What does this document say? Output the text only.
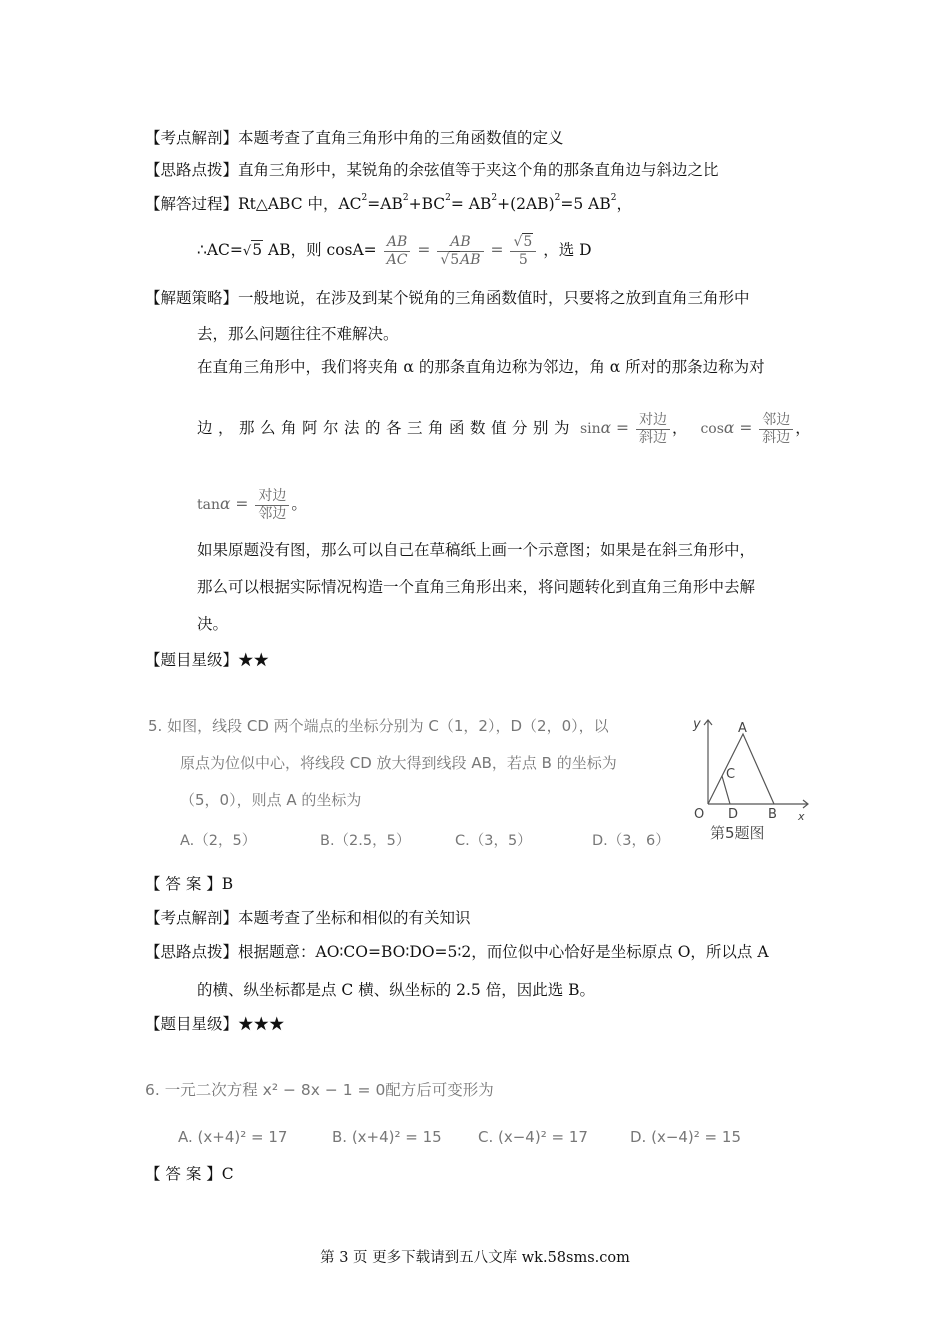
【考点解剖】本题考查了直角三角形中角的三角函数值的定义
【思路点拨】直角三角形中，某锐角的余弦值等于夹这个角的那条直角边与斜边之比
【解答过程】Rt△ABC 中，$AC^2=AB^2+BC^2= AB^2+(2AB)^2=5$ $AB^2$，
∴AC=√5 AB，则 $\cos A= \frac{AB}{AC} = \frac{AB}{√5AB} = \frac{√5}{5}$ ，选 D
【解题策略】一般地说，在涉及到某个锐角的三角函数值时，只要将之放到直角三角形中
去，那么问题往往不难解决。
在直角三角形中，我们将夹角 α 的那条直角边称为邻边，角 α 所对的那条边称为对
边，那么角阿尔法的各三角函数值分别为 $\sin\alpha = \frac{\text{对边}}{\text{斜边}}$ ， $\cos\alpha = \frac{\text{邻边}}{\text{斜边}}$ ，
$\tan\alpha = \frac{\text{对边}}{\text{邻边}}$ 。
如果原题没有图，那么可以自己在草稿纸上画一个示意图；如果是在斜三角形中，
那么可以根据实际情况构造一个直角三角形出来，将问题转化到直角三角形中去解
决。
【题目星级】★★
5. 如图，线段 CD 两个端点的坐标分别为 C（1，2），D（2，0），以
原点为位似中心，将线段 CD 放大得到线段 AB，若点 B 的坐标为
（5，0），则点 A 的坐标为
A.（2，5）	B.（2.5，5）	C.（3，5）	D.（3，6）
y
x
A
C
O D B
第5题图
【 答 案 】B
【考点解剖】本题考查了坐标和相似的有关知识
【思路点拨】根据题意：AO∶CO=BO∶DO=5∶2，而位似中心恰好是坐标原点 O，所以点 A
的横、纵坐标都是点 C 横、纵坐标的 2.5 倍，因此选 B。
【题目星级】★★★
6. 一元二次方程 x² − 8x − 1 = 0配方后可变形为
A. (x+4)² = 17	B. (x+4)² = 15 C. (x−4)² = 17	D. (x−4)² = 15
【 答 案 】C
第 3 页 更多下载请到五八文库 wk.58sms.com
